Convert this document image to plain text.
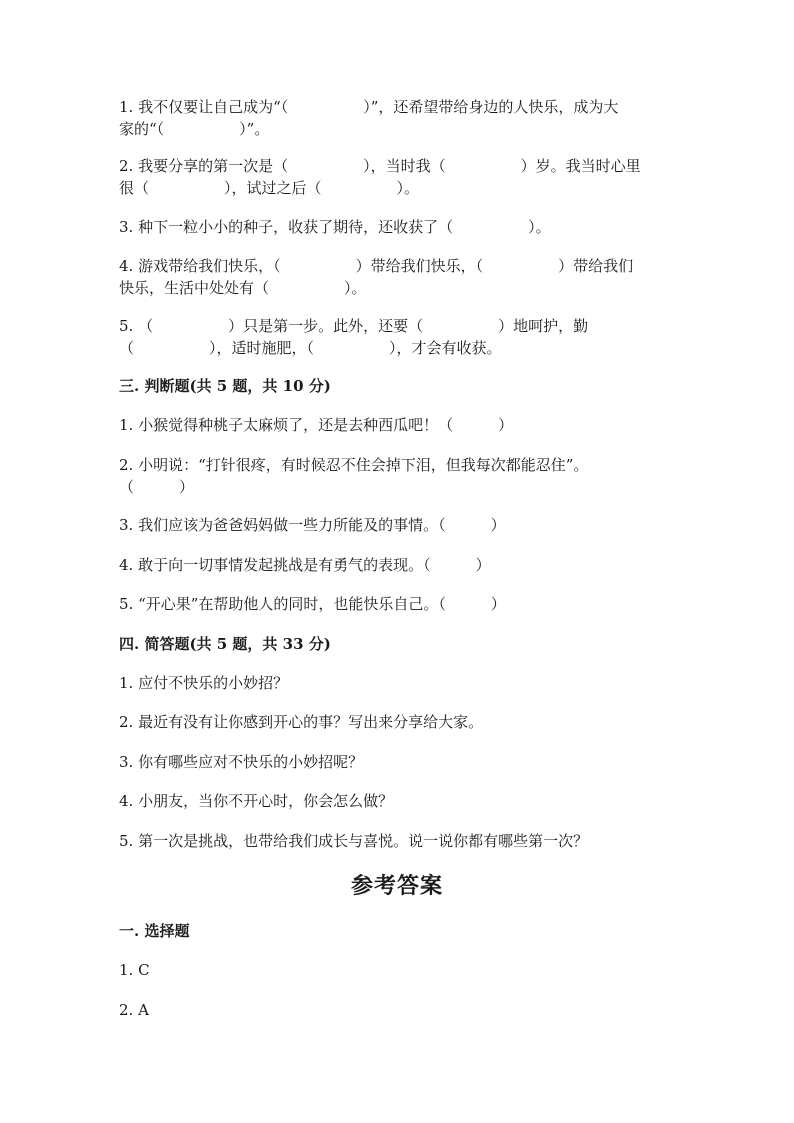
1. 我不仅要让自己成为“（　　　　　）”，还希望带给身边的人快乐，成为大
家的“（　　　　　）”。

2. 我要分享的第一次是（　　　　　），当时我（　　　　　）岁。我当时心里
很（　　　　　），试过之后（　　　　　）。

3. 种下一粒小小的种子，收获了期待，还收获了（　　　　　）。

4. 游戏带给我们快乐，（　　　　　）带给我们快乐，（　　　　　）带给我们
快乐，生活中处处有（　　　　　）。

5. （　　　　　）只是第一步。此外，还要（　　　　　）地呵护，勤
（　　　　　），适时施肥，（　　　　　），才会有收获。

三. 判断题(共 5 题，共 10 分)

1. 小猴觉得种桃子太麻烦了，还是去种西瓜吧！（　　　）

2. 小明说：“打针很疼，有时候忍不住会掉下泪，但我每次都能忍住”。
（　　　）

3. 我们应该为爸爸妈妈做一些力所能及的事情。（　　　）

4. 敢于向一切事情发起挑战是有勇气的表现。（　　　）

5. “开心果”在帮助他人的同时，也能快乐自己。（　　　）

四. 简答题(共 5 题，共 33 分)

1. 应付不快乐的小妙招？

2. 最近有没有让你感到开心的事？写出来分享给大家。

3. 你有哪些应对不快乐的小妙招呢？

4. 小朋友，当你不开心时，你会怎么做？

5. 第一次是挑战，也带给我们成长与喜悦。说一说你都有哪些第一次？

参考答案

一. 选择题

1. C

2. A
